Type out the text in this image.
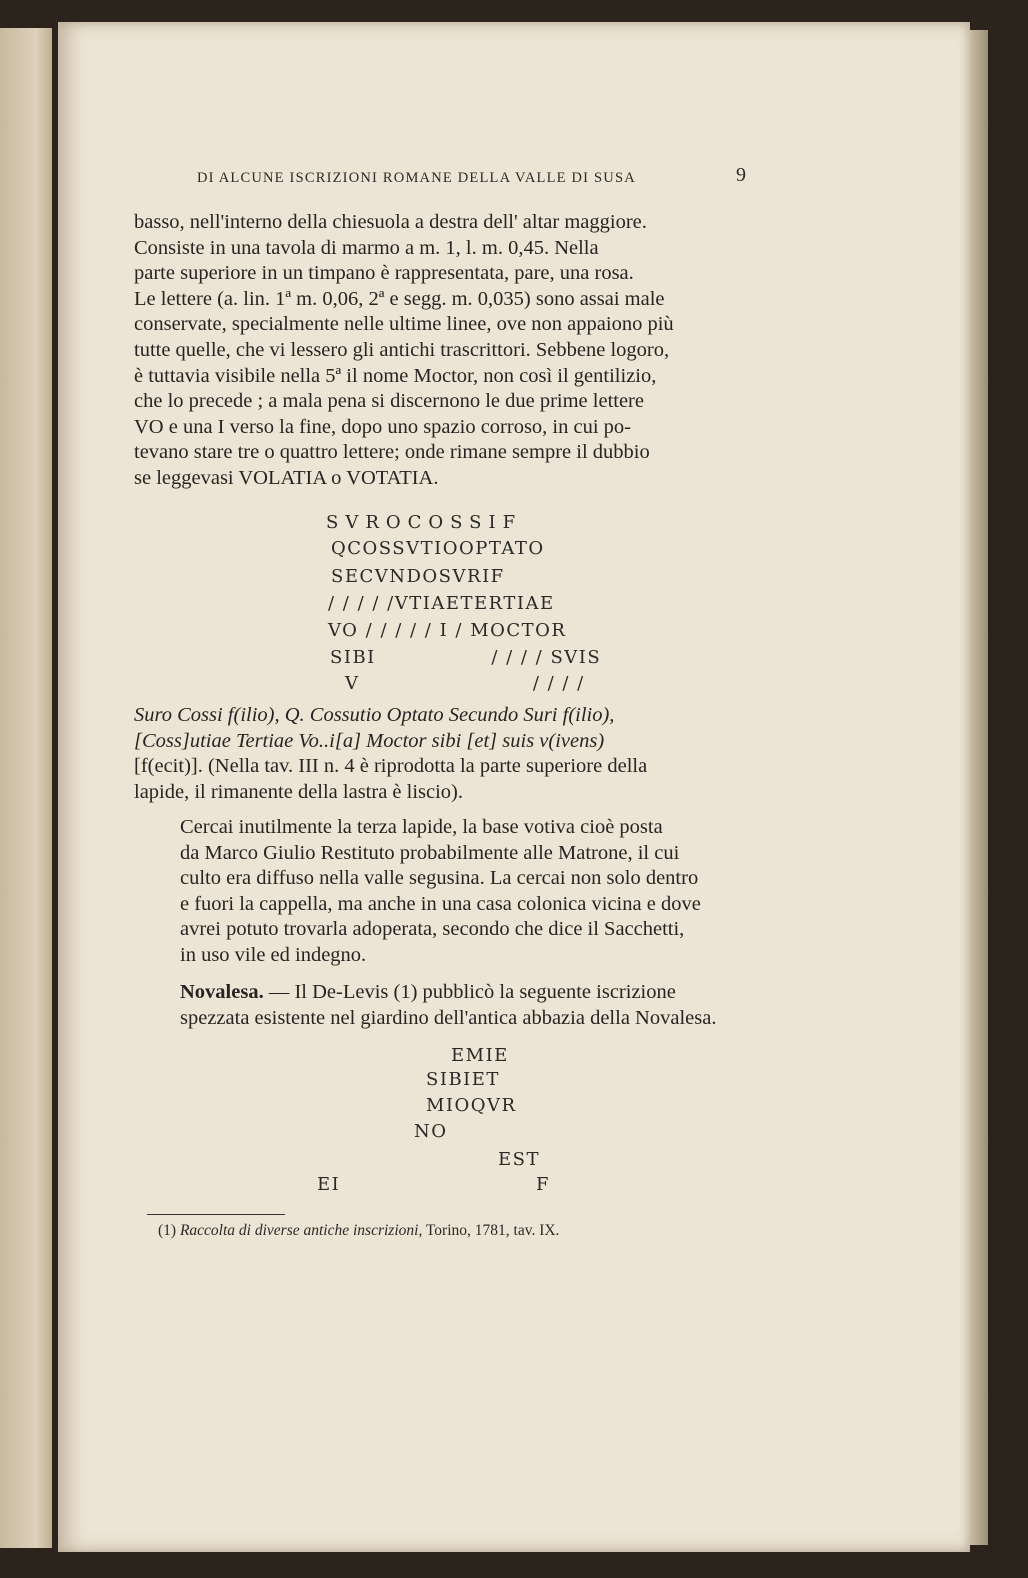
DI ALCUNE ISCRIZIONI ROMANE DELLA VALLE DI SUSA	9
basso, nell'interno della chiesuola a destra dell' altar maggiore.
Consiste in una tavola di marmo a m. 1, l. m. 0,45. Nella
parte superiore in un timpano è rappresentata, pare, una rosa.
Le lettere (a. lin. 1ª m. 0,06, 2ª e segg. m. 0,035) sono assai male
conservate, specialmente nelle ultime linee, ove non appaiono più
tutte quelle, che vi lessero gli antichi trascrittori. Sebbene logoro,
è tuttavia visibile nella 5ª il nome Moctor, non così il gentilizio,
che lo precede ; a mala pena si discernono le due prime lettere
VO e una I verso la fine, dopo uno spazio corroso, in cui po-
tevano stare tre o quattro lettere; onde rimane sempre il dubbio
se leggevasi VOLATIA o VOTATIA.
SVROCOSSIF
QCOSSVTIOOPTATO
SECVNDOSVRIF
/ / / / /VTIAETERTIAE
VO / / / / / I / MOCTOR
SIBI                / / / / SVIS
V                        / / / /
Suro Cossi f(ilio), Q. Cossutio Optato Secundo Suri f(ilio),
[Coss]utiae Tertiae Vo..i[a] Moctor sibi [et] suis v(ivens)
[f(ecit)]. (Nella tav. III n. 4 è riprodotta la parte superiore della
lapide, il rimanente della lastra è liscio).
Cercai inutilmente la terza lapide, la base votiva cioè posta
da Marco Giulio Restituto probabilmente alle Matrone, il cui
culto era diffuso nella valle segusina. La cercai non solo dentro
e fuori la cappella, ma anche in una casa colonica vicina e dove
avrei potuto trovarla adoperata, secondo che dice il Sacchetti,
in uso vile ed indegno.
Novalesa. — Il De-Levis (1) pubblicò la seguente iscrizione
spezzata esistente nel giardino dell'antica abbazia della Novalesa.
EMIE
SIBIET
MIOQVR
NO
EST
EI	F
(1) Raccolta di diverse antiche inscrizioni, Torino, 1781, tav. IX.
